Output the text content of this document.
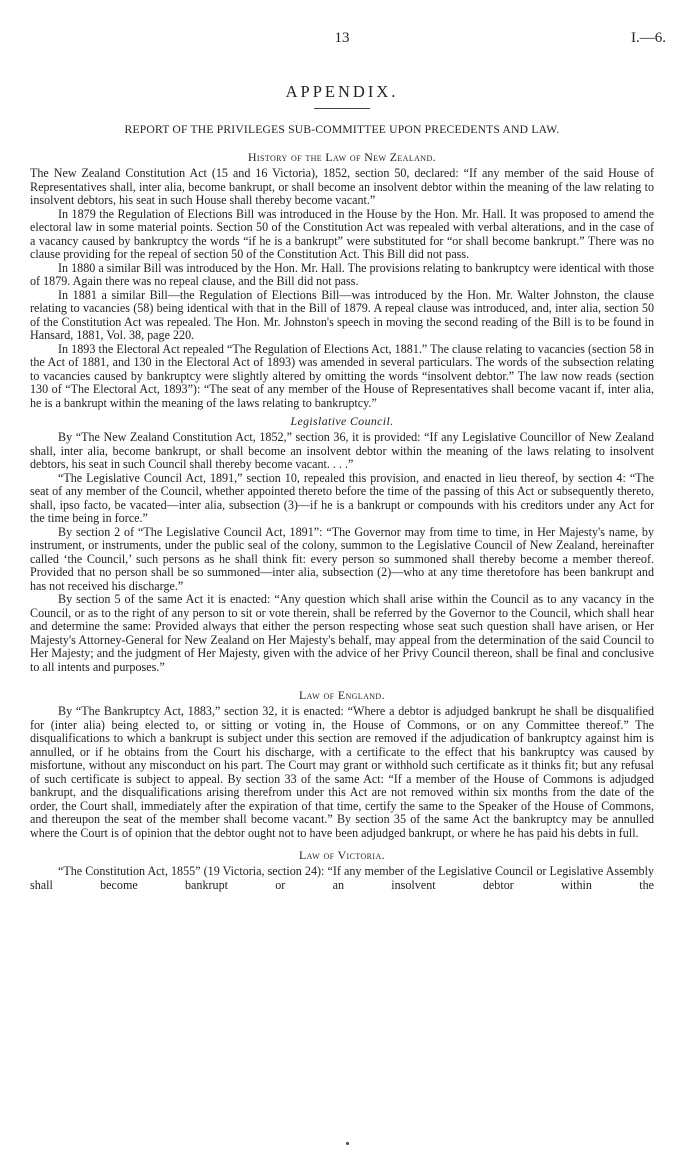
13	I.—6.
APPENDIX.
REPORT OF THE PRIVILEGES SUB-COMMITTEE UPON PRECEDENTS AND LAW.
History of the Law of New Zealand.

The New Zealand Constitution Act (15 and 16 Victoria), 1852, section 50, declared: “If any member of the said House of Representatives shall, inter alia, become bankrupt, or shall become an insolvent debtor within the meaning of the law relating to insolvent debtors, his seat in such House shall thereby become vacant.”

In 1879 the Regulation of Elections Bill was introduced in the House by the Hon. Mr. Hall. It was proposed to amend the electoral law in some material points. Section 50 of the Constitution Act was repealed with verbal alterations, and in the case of a vacancy caused by bankruptcy the words “if he is a bankrupt” were substituted for “or shall become bankrupt.” There was no clause providing for the repeal of section 50 of the Constitution Act. This Bill did not pass.

In 1880 a similar Bill was introduced by the Hon. Mr. Hall. The provisions relating to bankruptcy were identical with those of 1879. Again there was no repeal clause, and the Bill did not pass.

In 1881 a similar Bill—the Regulation of Elections Bill—was introduced by the Hon. Mr. Walter Johnston, the clause relating to vacancies (58) being identical with that in the Bill of 1879. A repeal clause was introduced, and, inter alia, section 50 of the Constitution Act was repealed. The Hon. Mr. Johnston's speech in moving the second reading of the Bill is to be found in Hansard, 1881, Vol. 38, page 220.

In 1893 the Electoral Act repealed “The Regulation of Elections Act, 1881.” The clause relating to vacancies (section 58 in the Act of 1881, and 130 in the Electoral Act of 1893) was amended in several particulars. The words of the subsection relating to vacancies caused by bankruptcy were slightly altered by omitting the words “insolvent debtor.” The law now reads (section 130 of “The Electoral Act, 1893”): “The seat of any member of the House of Representatives shall become vacant if, inter alia, he is a bankrupt within the meaning of the laws relating to bankruptcy.”

Legislative Council.

By “The New Zealand Constitution Act, 1852,” section 36, it is provided: “If any Legislative Councillor of New Zealand shall, inter alia, become bankrupt, or shall become an insolvent debtor within the meaning of the laws relating to insolvent debtors, his seat in such Council shall thereby become vacant. . . .”

“The Legislative Council Act, 1891,” section 10, repealed this provision, and enacted in lieu thereof, by section 4: “The seat of any member of the Council, whether appointed thereto before the time of the passing of this Act or subsequently thereto, shall, ipso facto, be vacated—inter alia, subsection (3)—if he is a bankrupt or compounds with his creditors under any Act for the time being in force.”

By section 2 of “The Legislative Council Act, 1891”: “The Governor may from time to time, in Her Majesty's name, by instrument, or instruments, under the public seal of the colony, summon to the Legislative Council of New Zealand, hereinafter called ‘the Council,’ such persons as he shall think fit: every person so summoned shall thereby become a member thereof. Provided that no person shall be so summoned—inter alia, subsection (2)—who at any time theretofore has been bankrupt and has not received his discharge.”

By section 5 of the same Act it is enacted: “Any question which shall arise within the Council as to any vacancy in the Council, or as to the right of any person to sit or vote therein, shall be referred by the Governor to the Council, which shall hear and determine the same: Provided always that either the person respecting whose seat such question shall have arisen, or Her Majesty's Attorney-General for New Zealand on Her Majesty's behalf, may appeal from the determination of the said Council to Her Majesty; and the judgment of Her Majesty, given with the advice of her Privy Council thereon, shall be final and conclusive to all intents and purposes.”

Law of England.

By “The Bankruptcy Act, 1883,” section 32, it is enacted: “Where a debtor is adjudged bankrupt he shall be disqualified for (inter alia) being elected to, or sitting or voting in, the House of Commons, or on any Committee thereof.” The disqualifications to which a bankrupt is subject under this section are removed if the adjudication of bankruptcy against him is annulled, or if he obtains from the Court his discharge, with a certificate to the effect that his bankruptcy was caused by misfortune, without any misconduct on his part. The Court may grant or withhold such certificate as it thinks fit; but any refusal of such certificate is subject to appeal. By section 33 of the same Act: “If a member of the House of Commons is adjudged bankrupt, and the disqualifications arising therefrom under this Act are not removed within six months from the date of the order, the Court shall, immediately after the expiration of that time, certify the same to the Speaker of the House of Commons, and thereupon the seat of the member shall become vacant.” By section 35 of the same Act the bankruptcy may be annulled where the Court is of opinion that the debtor ought not to have been adjudged bankrupt, or where he has paid his debts in full.

Law of Victoria.

“The Constitution Act, 1855” (19 Victoria, section 24): “If any member of the Legislative Council or Legislative Assembly shall become bankrupt or an insolvent debtor within the
